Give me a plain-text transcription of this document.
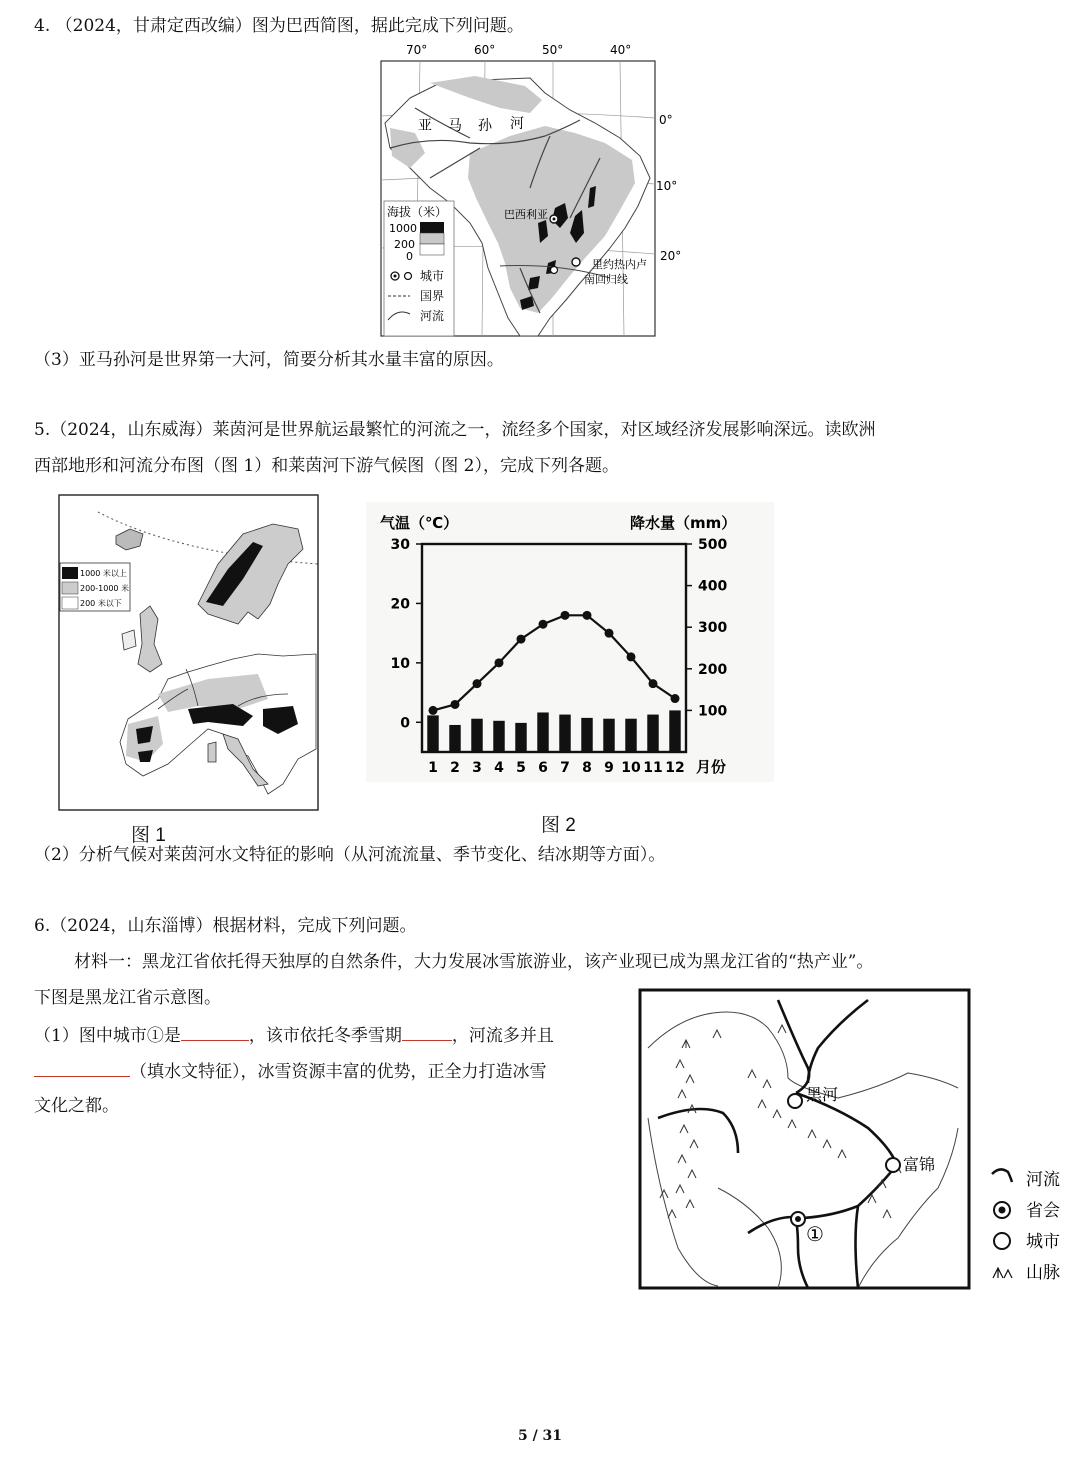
4. （2024，甘肃定西改编）图为巴西简图，据此完成下列问题。
70°	60°	50°	40°
0°
10°
20°
亚 马 孙 河
巴西利亚
里约热内卢
南回归线
海拔（米）
1000
200
0
城市
国界
河流
（3）亚马孙河是世界第一大河，简要分析其水量丰富的原因。
5.（2024，山东威海）莱茵河是世界航运最繁忙的河流之一，流经多个国家，对区域经济发展影响深远。读欧洲
西部地形和河流分布图（图 1）和莱茵河下游气候图（图 2），完成下列各题。
1000 米以上
200-1000 米
200 米以下
气温（℃）	降水量（mm）
月份
30
20
10
0
500
400
300
200
100
1 2 3 4 5 6 7 8 9 10 11 12
图 1	图 2
（2）分析气候对莱茵河水文特征的影响（从河流流量、季节变化、结冰期等方面）。
6.（2024，山东淄博）根据材料，完成下列问题。
材料一：黑龙江省依托得天独厚的自然条件，大力发展冰雪旅游业，该产业现已成为黑龙江省的“热产业”。
下图是黑龙江省示意图。
（1）图中城市①是	，该市依托冬季雪期	，河流多并且
（填水文特征），冰雪资源丰富的优势，正全力打造冰雪
文化之都。
黑河
富锦
①
河流
省会
城市
山脉
5 / 31
